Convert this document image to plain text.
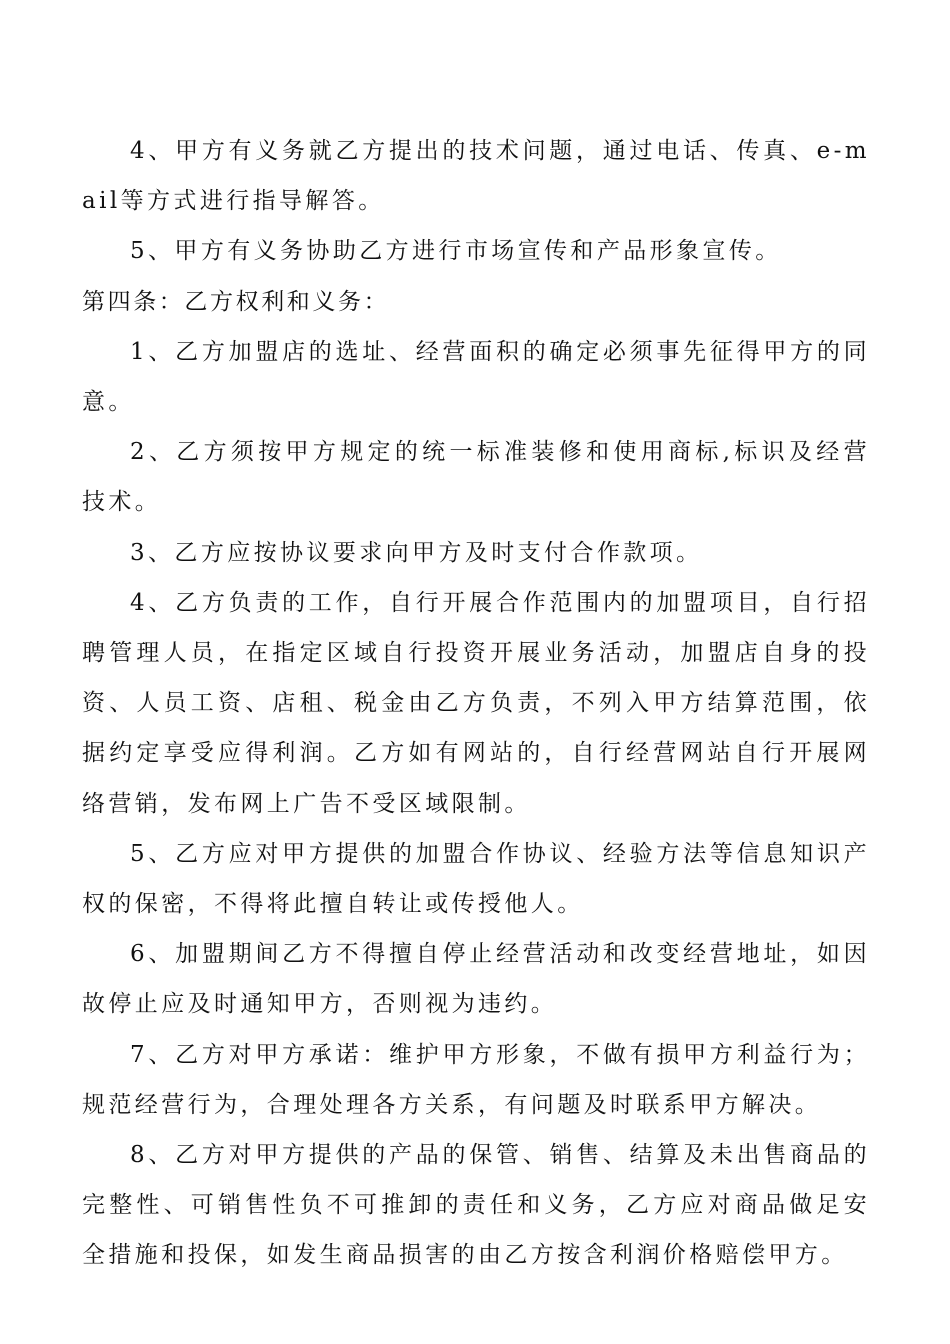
4、甲方有义务就乙方提出的技术问题，通过电话、传真、e-mail等方式进行指导解答。

5、甲方有义务协助乙方进行市场宣传和产品形象宣传。

第四条：乙方权利和义务：

1、乙方加盟店的选址、经营面积的确定必须事先征得甲方的同意。

2、乙方须按甲方规定的统一标准装修和使用商标,标识及经营技术。

3、乙方应按协议要求向甲方及时支付合作款项。

4、乙方负责的工作，自行开展合作范围内的加盟项目，自行招聘管理人员，在指定区域自行投资开展业务活动，加盟店自身的投资、人员工资、店租、税金由乙方负责，不列入甲方结算范围，依据约定享受应得利润。乙方如有网站的，自行经营网站自行开展网络营销，发布网上广告不受区域限制。

5、乙方应对甲方提供的加盟合作协议、经验方法等信息知识产权的保密，不得将此擅自转让或传授他人。

6、加盟期间乙方不得擅自停止经营活动和改变经营地址，如因故停止应及时通知甲方，否则视为违约。

7、乙方对甲方承诺：维护甲方形象，不做有损甲方利益行为；规范经营行为，合理处理各方关系，有问题及时联系甲方解决。

8、乙方对甲方提供的产品的保管、销售、结算及未出售商品的完整性、可销售性负不可推卸的责任和义务，乙方应对商品做足安全措施和投保，如发生商品损害的由乙方按含利润价格赔偿甲方。
